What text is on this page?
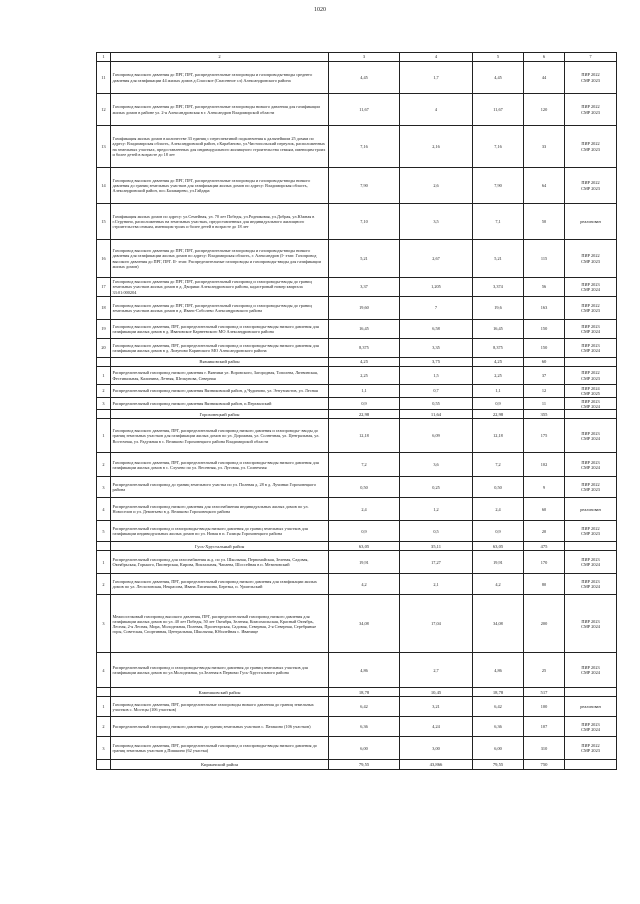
1020
1	2	3	4	5	6	7
11	Газопровод высокого давления до ПРГ, ПРГ, распределительные газопроводы и газопроводы-вводы среднего давления для газификации 44 жилых домов д.Спасское (Спасенное сл) Александровского района	4,45	1,7	4,45	44	ПИР 2022
СМР 2023
12	Газопровод высокого давления до ПРГ, ПРГ, распределительные газопроводы низкого давления для газификации жилых домов в районе ул. 2-я Александровская в г. Александров Владимирской области	11,67	4	11,67	120	ПИР 2022
СМР 2023
13	Газификация жилых домов в количестве 33 единиц с переспективой подключения к дальнейшим 25 домам по адресу: Владимирская область, Александровский район, г.Карабаново, ул.Чистопольский переулок, расположенных на земельных участках, предоставленных для индивидуального жилищного строительства семьям, имеющим троих и более детей в возрасте до 18 лет	7,16	2,16	7,16	33	ПИР 2022
СМР 2023
14	Газопровод высокого давления до ПРГ, ПРГ, распределительные газопроводы и газопроводы-вводы низкого давления до границ земельных участков для газификации жилых домов по адресу: Владимирская область, Александровский район, пос.Балакирево, ул.Гайдара	7,90	2,6	7,90	64	ПИР 2022
СМР 2023
15	Газификация жилых домов по адресу: ул.Семейная, ул. 70 лет Победы, ул.Родниковая, ул.Добрая, ул.Южная в г.Струнино, расположенных на земельных участках, предоставленных для индивидуального жилищного строительства семьям, имеющим троих и более детей в возрасте до 18 лет	7,10	3,5	7,1	50	реализован
16	Газопровод высокого давления до ПРГ, ПРГ, распределительные газопроводы и газопроводы-вводы низкого давления для газификации жилых домов по адресу: Владимирская область, г. Александров (I- этап: Газопровод высокого давления до ПРГ, ПРГ. II- этап: Распределительные газопроводы и газопроводы-вводы для газификации жилых домов)	5,21	2,67	5,21	115	ПИР 2022
СМР 2023
17	Газопровод высокого давления до ПРГ, ПРГ, распределительный газопровод и газопроводы-вводы до границ земельных участков жилых домов в д. Дворики Александровского района, кадастровый номер квартала 33:01:000204	3,37	1,205	3,374	56	ПИР 2023
СМР 2024
18	Газопровод высокого давления до ПРГ, ПРГ, распределительный газопровод и газопроводы-вводы до границ земельных участков жилых домов в д. Иванс-Соболево Александровского района	19,60	7	19,6	163	ПИР 2022
СМР 2023
19	Газопровод высокого давления, ПРГ, распределительный газопровод и газопроводы-вводы низкого давления для газификации жилых домов в д. Ивановское Карнеевского МО Александровского района	16,45	6,58	16,45	150	ПИР 2023
СМР 2024
20	Газопровод высокого давления, ПРГ, распределительный газопровод и газопроводы-вводы низкого давления для газификации жилых домов в д. Лизуново Каринского МО Александровского района	8,375	3,35	8,375	150	ПИР 2023
СМР 2024
	Вязниковский район	4,25	3,75	4,25	60	
1	Распределительный газопровод низкого давления г. Вязники ул. Воровского, Загородная, Тополева, Литвинская, Фестивальная, Калинина, Летняя, Шелкунова, Северная	2,25	1,5	2,25	37	ПИР 2022
СМР 2023
2	Распределительный газопровод низкого давления Вязниковский район, д.Чудиново, ул. Энтузиастов, ул. Лесная	1,1	0,7	1,1	12	ПИР 2024
СМР 2025
3	Распределительный газопровод низкого давления Вязниковский район, п.Перхвалский	0,9	0,55	0,9	11	ПИР 2023
СМР 2024
	Гороховецкий район	22,98	11,64	22,98	355	
1	Газопровод высокого давления, ПРГ, распределительный газопровод низкого давления и газопроводы- вводы до границ земельных участков для газификации жилых домов по ул. Дорожная, ул. Солнечная, ул. Центральная, ул. Восточная, ул. Радужная в с. Великово Гороховецкого района Владимирской области	12,18	6,09	12,18	175	ПИР 2023
СМР 2024
2	Газопровод высокого давления, ПРГ, распределительный газопровод и газопроводы-вводы низкого давления для газификации жилых домов в с. Случево по ул. Весенняя, ул. Луговая, ул. Солнечная	7,2	3,6	7,2	102	ПИР 2023
СМР 2024
3	Распределительный газопровод до границ земельного участка по ул. Полевая д. 28 в д. Лучинки Гороховецкого района	0,50	0,25	0,50	9	ПИР 2022
СМР 2023
4	Распределительный газопровод низкого давления для газоснабжения индивидуальных жилых домов по ул. Новоселов и ул. Демитьево в д. Великово Гороховецкого района	2,4	1,2	2,4	60	реализован
5	Распределительный газопровод и газопроводы-вводы низкого давления до границ земельных участков для газификации индивидуальных жилых домов по ул. Новая в п. Галицы Гороховецкого района	0,9	0,5	0,9	20	ПИР 2022
СМР 2023
	Гусь-Хрустальный район	63,05	35,11	63,05	475	
1	Распределительный газопровод для газоснабжения ж.д. по ул. Школьная, Первомайская, Зеленая, Садовая, Октябрьская, Горького, Пионерская, Кирова, Вокзальная, Чапаева, Шоссейная в п. Мезиновский	19,91	17,27	19,91	170	ПИР 2023
СМР 2024
2	Газопровод высокого давления, ПРГ, распределительный газопровод низкого давления для газификации жилых домов по ул. Лесхозовская, Некрасова, Ивана Лисичкина, Березка, п. Уршельский	4,2	2,1	4,2	80	ПИР 2023
СМР 2024
3	Межпоселковый газопровод высокого давления, ПРГ, распределительный газопровод низкого давления для газификации жилых домов по ул. 40 лет Победы, 50 лет Октября, Зеленая, Комсомольская, Красный Октябрь, Лесная, 2-я Лесная, Мира, Молодежная, Полевая, Пролетарская, Садовая, Северная, 2-я Северная, Серебряные горы, Советская, Спортивная, Центральная, Школьная, Юбилейная с. Иванище	34,08	17,04	34,08	200	ПИР 2023
СМР 2024
4	Распределительный газопровод и газопроводы-вводы низкого давления до границ земельных участков для газификации жилых домов по ул.Молодежная, ул.Зеленая в Первомо Гусь-Хрустального района	4,86	2,7	4,86	25	ПИР 2023
СМР 2024
	Камешковский район	18,78	10,45	18,78	517	
1	Газопровод высокого давления, ПРГ, распределительные газопроводы низкого давления до границ земельных участков с. Мостцы (106 участков)	6,42	3,21	6,42	100	реализован
2	Распределительный газопровод низкого давления до границ земельных участков с. Патакино (106 участков)	6,36	4,24	6,36	107	ПИР 2023
СМР 2024
3	Газопровод высокого давления, ПРГ, распределительный газопровод и газопроводы-вводы низкого давления до границ земельных участков д.Пишкино (62 участка)	6,00	3,00	6,00	310	ПИР 2022
СМР 2023
	Киржачский район	79,55	43,866	79,55	750	
